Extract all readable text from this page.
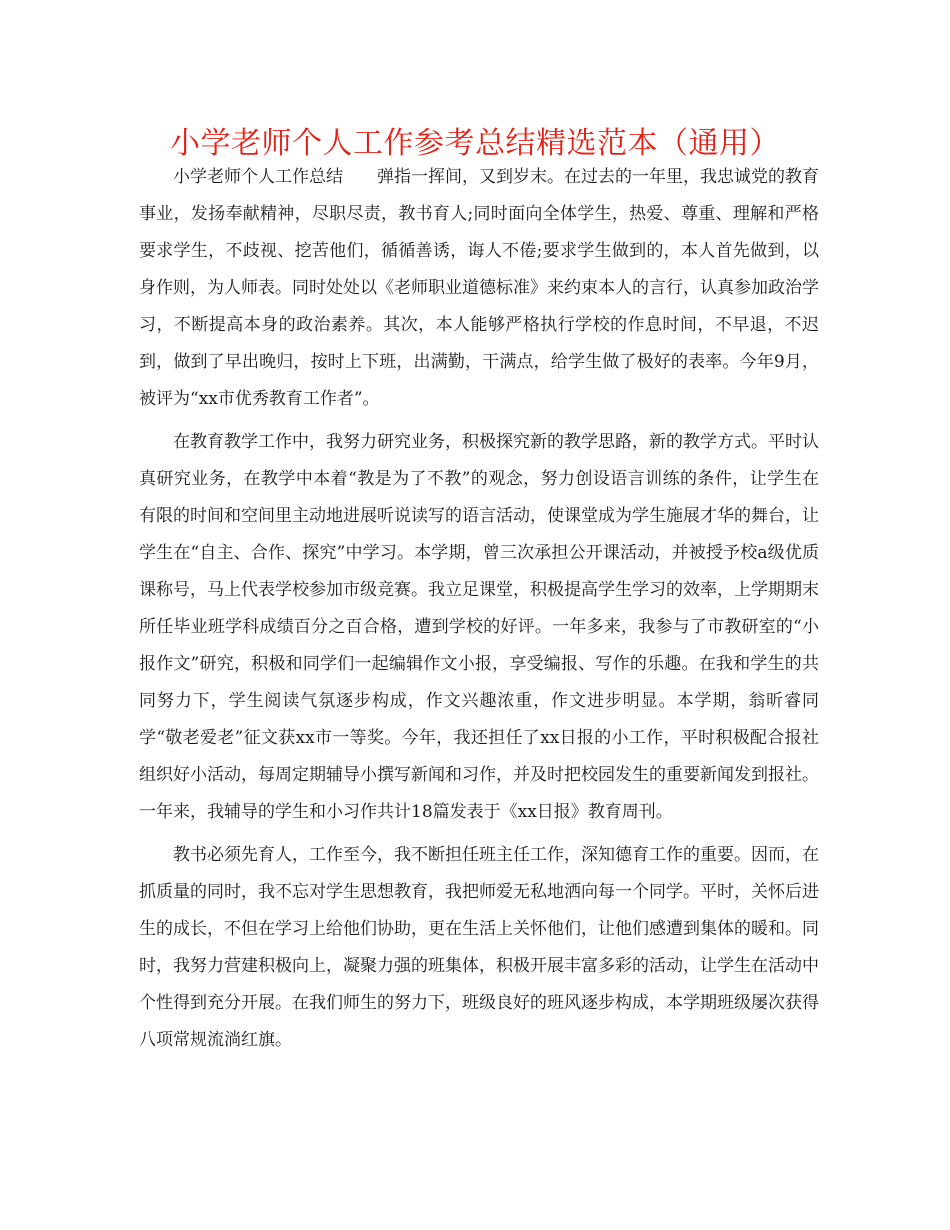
小学老师个人工作参考总结精选范本（通用）

小学老师个人工作总结　　弹指一挥间，又到岁末。在过去的一年里，我忠诚党的教育事业，发扬奉献精神，尽职尽责，教书育人;同时面向全体学生，热爱、尊重、理解和严格要求学生，不歧视、挖苦他们，循循善诱，诲人不倦;要求学生做到的，本人首先做到，以身作则，为人师表。同时处处以《老师职业道德标准》来约束本人的言行，认真参加政治学习，不断提高本身的政治素养。其次，本人能够严格执行学校的作息时间，不早退，不迟到，做到了早出晚归，按时上下班，出满勤，干满点，给学生做了极好的表率。今年9月，被评为“xx市优秀教育工作者”。

在教育教学工作中，我努力研究业务，积极探究新的教学思路，新的教学方式。平时认真研究业务，在教学中本着“教是为了不教”的观念，努力创设语言训练的条件，让学生在有限的时间和空间里主动地进展听说读写的语言活动，使课堂成为学生施展才华的舞台，让学生在“自主、合作、探究”中学习。本学期，曾三次承担公开课活动，并被授予校a级优质课称号，马上代表学校参加市级竞赛。我立足课堂，积极提高学生学习的效率，上学期期末所任毕业班学科成绩百分之百合格，遭到学校的好评。一年多来，我参与了市教研室的“小报作文”研究，积极和同学们一起编辑作文小报，享受编报、写作的乐趣。在我和学生的共同努力下，学生阅读气氛逐步构成，作文兴趣浓重，作文进步明显。本学期，翁昕睿同学“敬老爱老”征文获xx市一等奖。今年，我还担任了xx日报的小工作，平时积极配合报社组织好小活动，每周定期辅导小撰写新闻和习作，并及时把校园发生的重要新闻发到报社。一年来，我辅导的学生和小习作共计18篇发表于《xx日报》教育周刊。

教书必须先育人，工作至今，我不断担任班主任工作，深知德育工作的重要。因而，在抓质量的同时，我不忘对学生思想教育，我把师爱无私地洒向每一个同学。平时，关怀后进生的成长，不但在学习上给他们协助，更在生活上关怀他们，让他们感遭到集体的暖和。同时，我努力营建积极向上，凝聚力强的班集体，积极开展丰富多彩的活动，让学生在活动中个性得到充分开展。在我们师生的努力下，班级良好的班风逐步构成，本学期班级屡次获得八项常规流淌红旗。
